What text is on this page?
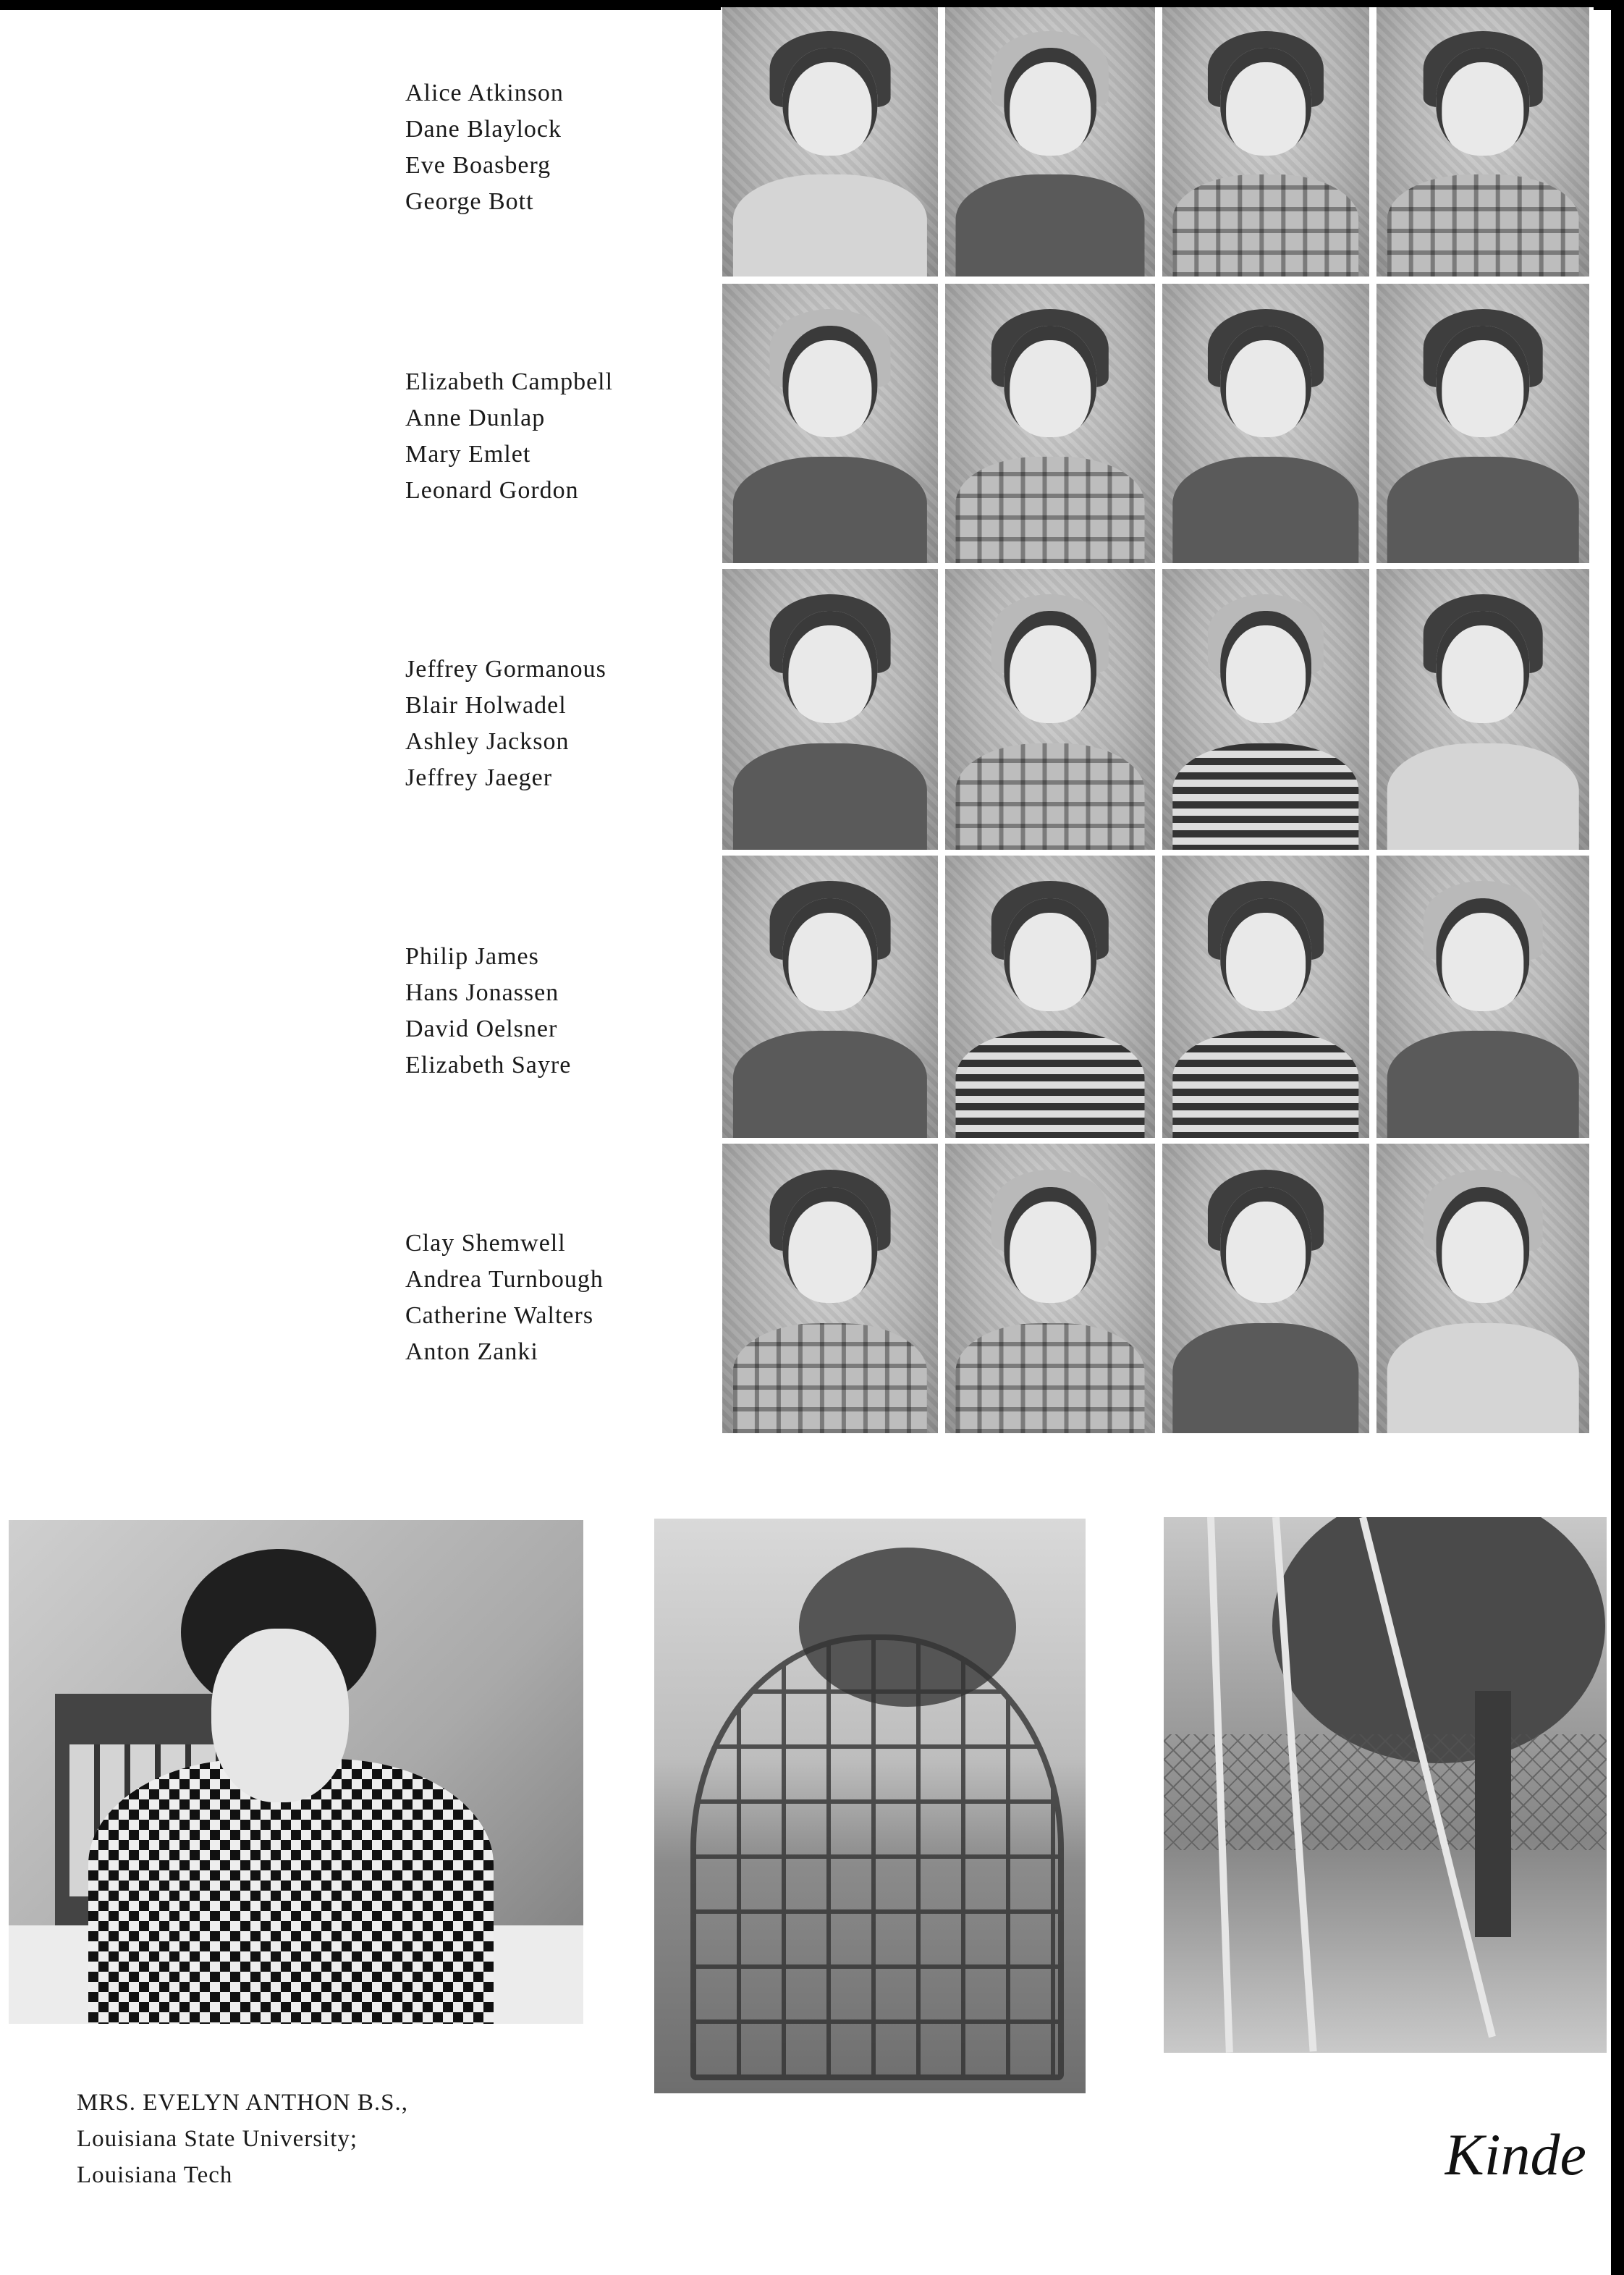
Alice Atkinson
Dane Blaylock
Eve Boasberg
George Bott
Elizabeth Campbell
Anne Dunlap
Mary Emlet
Leonard Gordon
Jeffrey Gormanous
Blair Holwadel
Ashley Jackson
Jeffrey Jaeger
Philip James
Hans Jonassen
David Oelsner
Elizabeth Sayre
Clay Shemwell
Andrea Turnbough
Catherine Walters
Anton Zanki
MRS. EVELYN ANTHON B.S.,
Louisiana State University;
Louisiana Tech	Kinde
